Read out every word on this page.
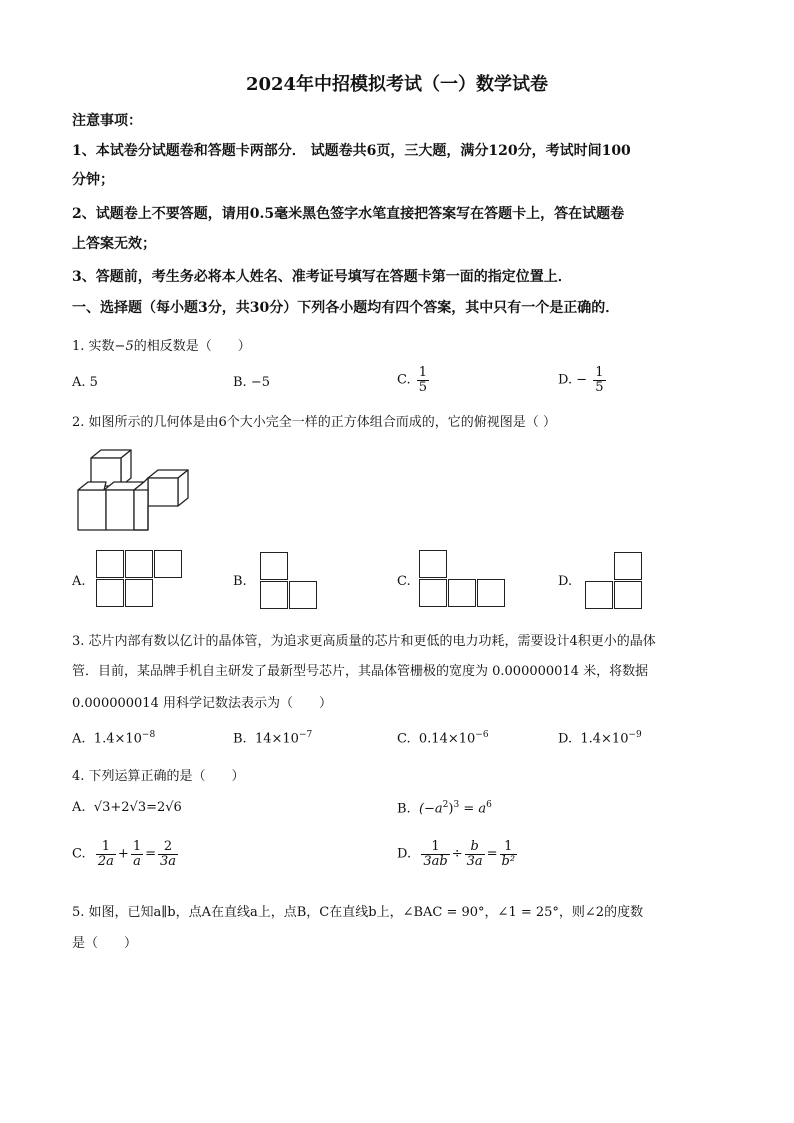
2024年中招模拟考试（一）数学试卷
注意事项：
1、本试卷分试题卷和答题卡两部分． 试题卷共6页，三大题，满分120分，考试时间100
分钟；
2、试题卷上不要答题，请用0.5毫米黑色签字水笔直接把答案写在答题卡上，答在试题卷
上答案无效；
3、答题前，考生务必将本人姓名、准考证号填写在答题卡第一面的指定位置上．
一、选择题（每小题3分，共30分）下列各小题均有四个答案，其中只有一个是正确的．
1. 实数−5的相反数是（　　）
A. 5	B. −5	C. $\frac{1}{5}$	D. − $\frac{1}{5}$
2. 如图所示的几何体是由6个大小完全一样的正方体组合而成的，它的俯视图是（ ）
A.	B.	C.	D.
3. 芯片内部有数以亿计的晶体管，为追求更高质量的芯片和更低的电力功耗，需要设计4积更小的晶体
管．目前，某品牌手机自主研发了最新型号芯片，其晶体管栅极的宽度为 0.000000014 米，将数据
0.000000014 用科学记数法表示为（　　）
A. $1.4\times 10^{-8}$	B. $14\times 10^{-7}$	C. $0.14\times 10^{-6}$	D. $1.4\times 10^{-9}$
4. 下列运算正确的是（　　）
A. √3+2√3=2√6	B. $(-a^2)^3 = a^6$
C. $\frac{1}{2a} + \frac{1}{a} = \frac{2}{3a}$	D. $\frac{1}{3ab} \div \frac{b}{3a} = \frac{1}{\text{b²}}$
5. 如图，已知a∥b，点A在直线a上，点B，C在直线b上，∠BAC = 90°，∠1 = 25°，则∠2的度数
是（　　）
